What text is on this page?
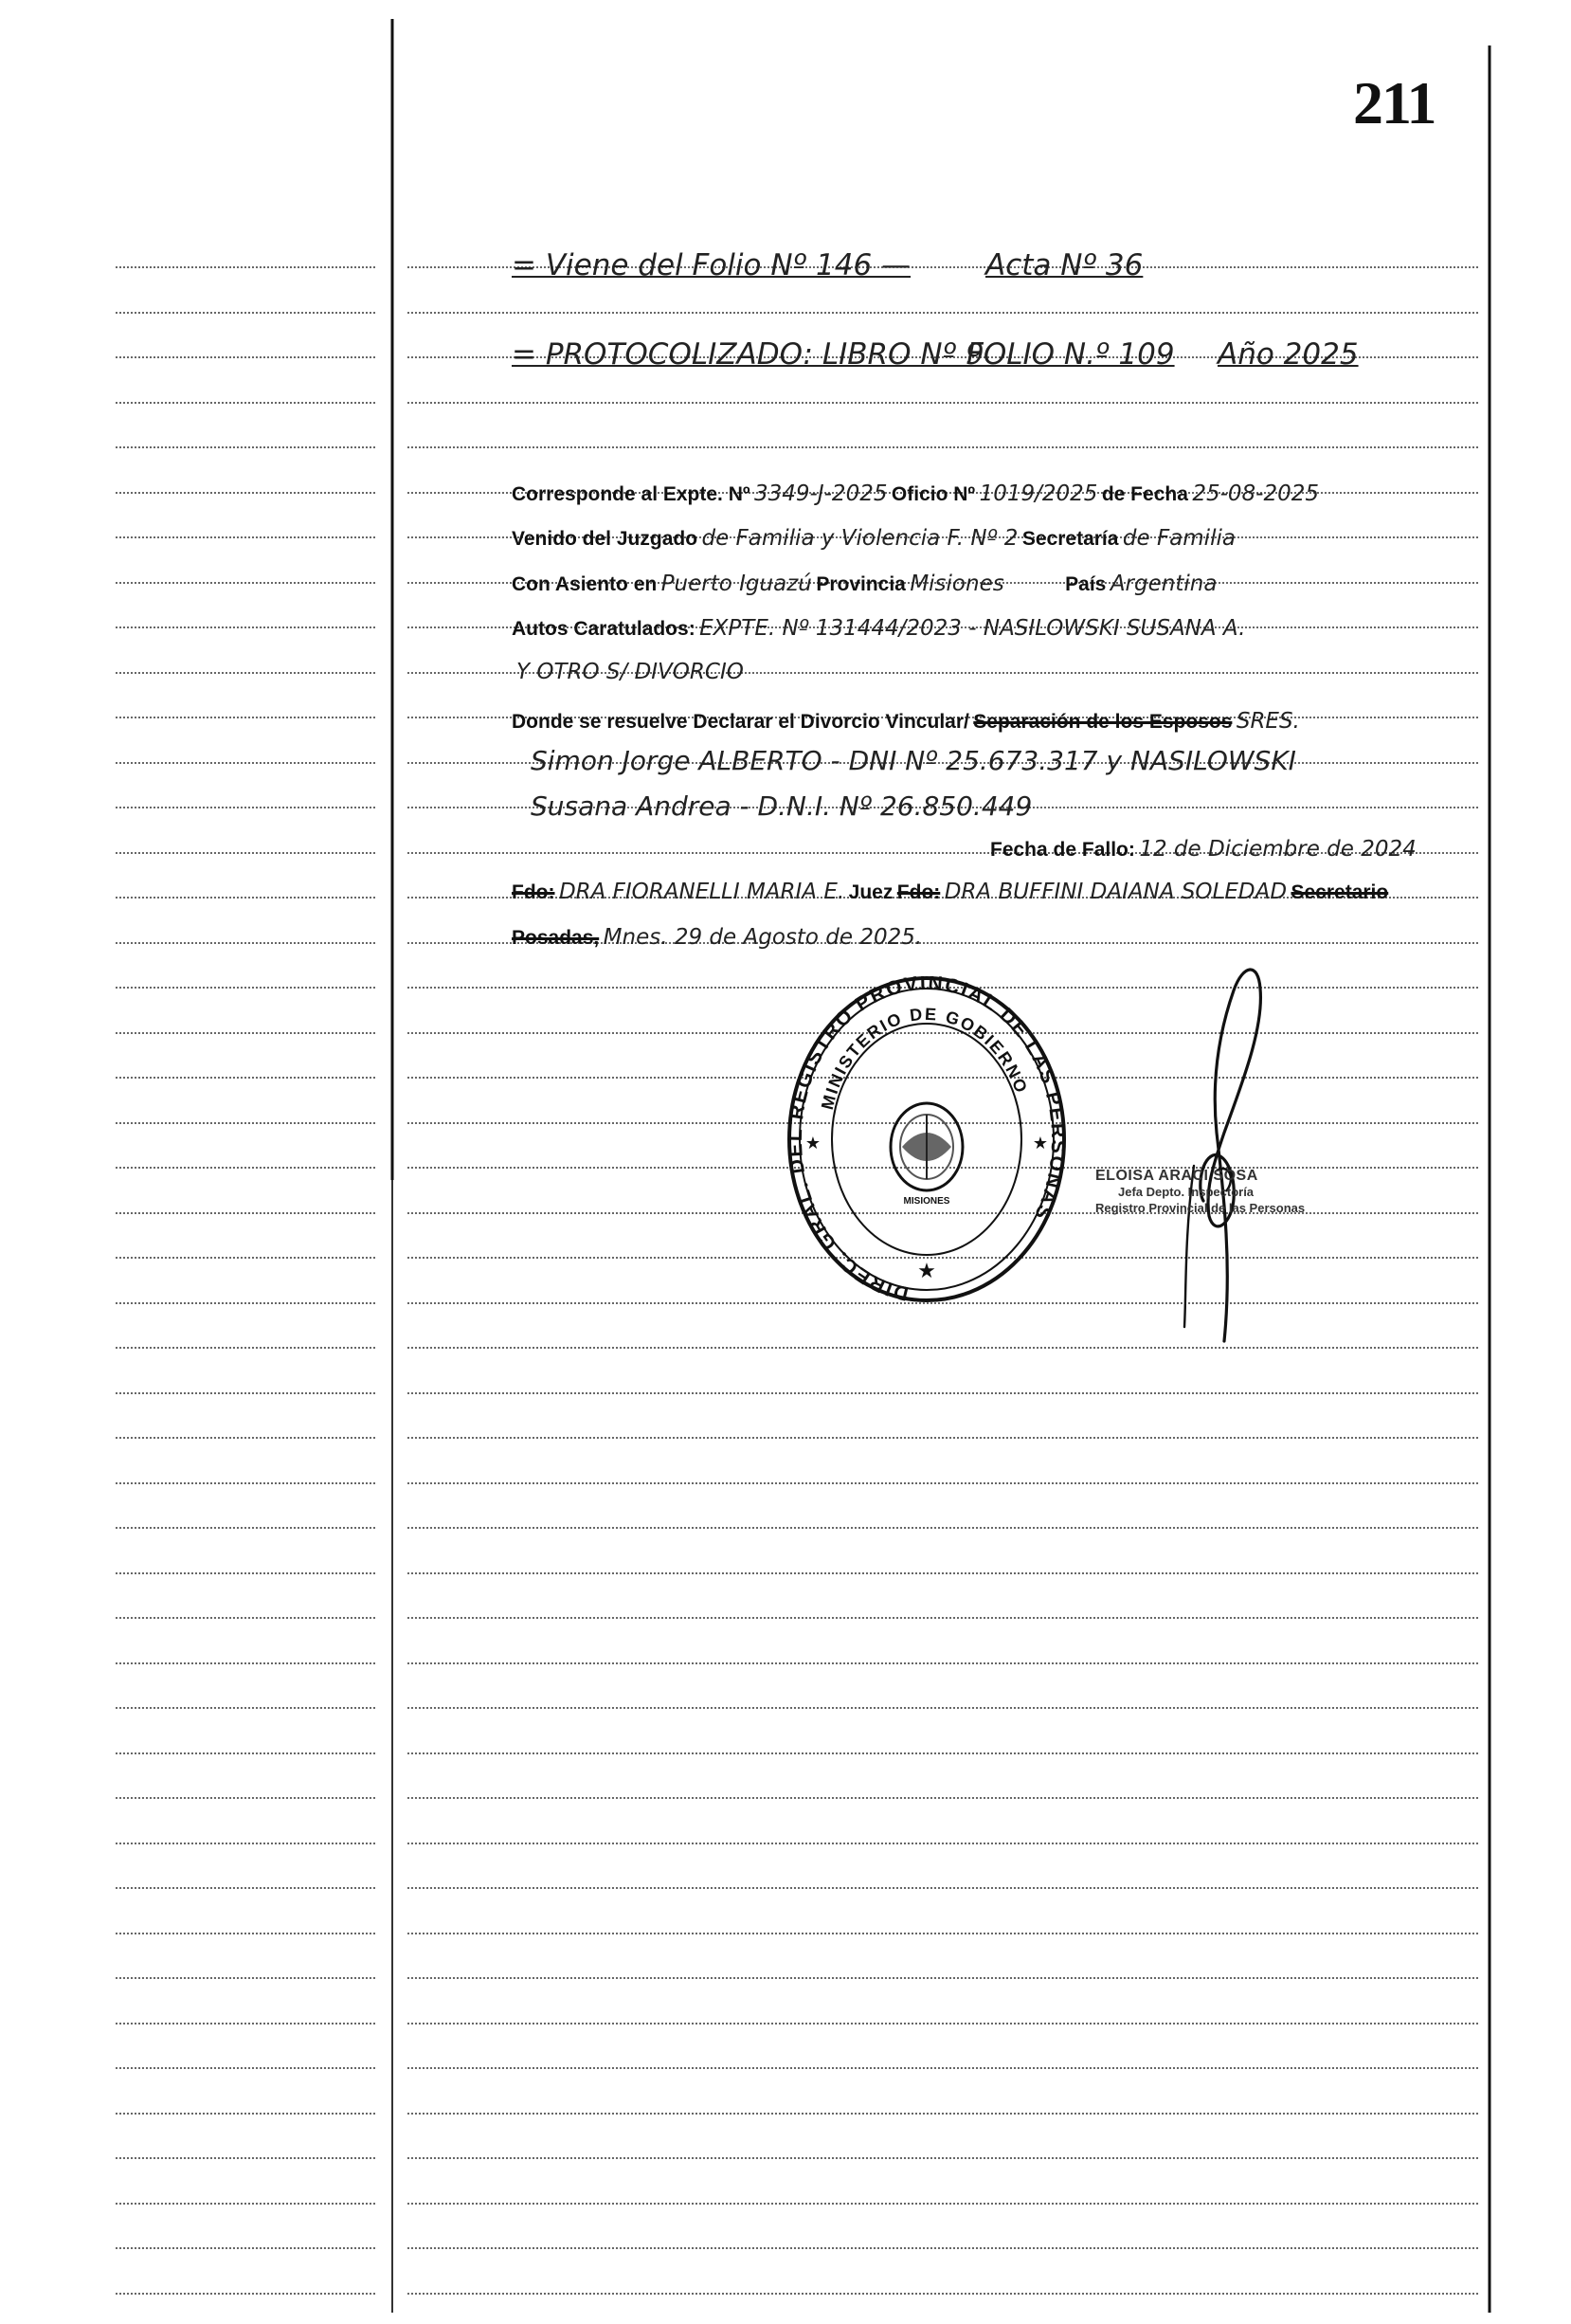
211
= Viene del Folio Nº 146 —	Acta Nº 36
= PROTOCOLIZADO: LIBRO Nº 9
FOLIO N.º 109 Año 2025
Corresponde al Expte. Nº 3349-J-2025 Oficio Nº 1019/2025 de Fecha 25-08-2025
Venido del Juzgado de Familia y Violencia F. Nº 2 Secretaría de Familia
Con Asiento en Puerto Iguazú Provincia Misiones	País Argentina
Autos Caratulados: EXPTE. Nº 131444/2023 - NASILOWSKI SUSANA A.
Y OTRO S/ DIVORCIO
Donde se resuelve Declarar el Divorcio Vincular/ Separación de los Esposos SRES.
Simon Jorge ALBERTO - DNI Nº 25.673.317 y NASILOWSKI
Susana Andrea - D.N.I. Nº 26.850.449
Fecha de Fallo: 12 de Diciembre de 2024
Fdo: DRA FIORANELLI MARIA E. Juez Fdo: DRA BUFFINI DAIANA SOLEDAD Secretario
Posadas, Mnes. 29 de Agosto de 2025.
DIREC. GRAL. DEL REGISTRO PROVINCIAL DE LAS PERSONAS
MINISTERIO DE GOBIERNO
MISIONES
★
★	★
ELOISA ARACI SOSA
Jefa Depto. Inspectoría
Registro Provincial de las Personas
